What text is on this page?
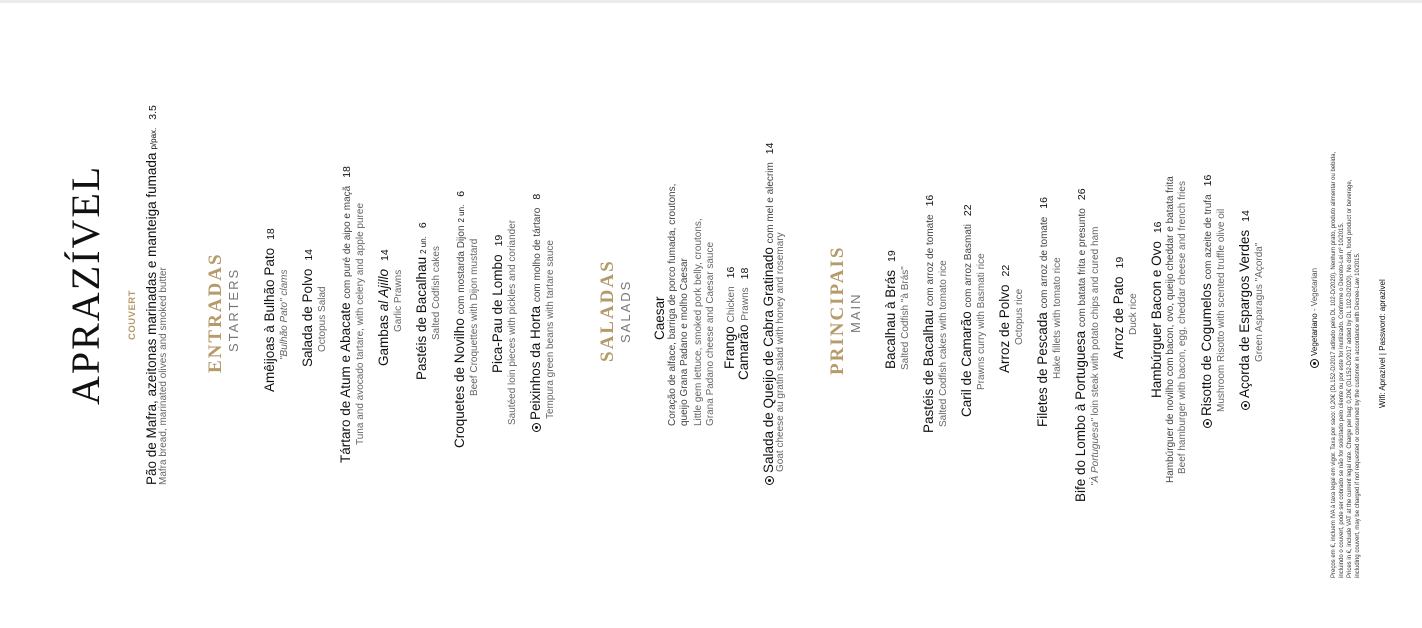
APRAZÍVEL COUVERT Pão de Mafra, azeitonas marinadas e manteiga fumadap/pax.3.5
Mafra bread, marinated olives and smoked butter ENTRADAS STARTERS Amêijoas à Bulhão Pato18
"Bulhão Pato" clams Salada de Polvo14
Octopus Salad Tártaro de Atum e Abacate com puré de aipo e maçã18
Tuna and avocado tartare, with celery and apple puree Gambas al Ajillo14
Garlic Prawns Pastéis de Bacalhau2 un.6
Salted Codfish cakes
Croquetes de Novilho com mostarda Dijon2 un.6
Beef Croquettes with Dijon mustard Pica-Pau de Lombo19 Sautéed loin pieces with pickles and coriander Peixinhos da Horta com molho de tártaro8
Tempura green beans with tartare sauce SALADAS SALADS Caesar Coração de alface, barriga de porco fumada, croutons, queijo Grana Padano e molho Caesar Little gem lettuce, smoked pork belly, croutons, Grana Padano cheese and Caesar sauce Frango Chicken16
Camarão Prawns18 Salada de Queijo de Cabra Gratinado com mel e alecrim14
Goat cheese au gratin salad with honey and rosemary PRINCIPAIS MAIN Bacalhau à Brás19
Salted Codfish "à Brás" Pastéis de Bacalhau com arroz de tomate16
Salted Codfish cakes with tomato rice Caril de Camarão com arroz Basmati22
Prawns curry with Basmati rice Arroz de Polvo22
Octopus rice Filetes de Pescada com arroz de tomate16
Hake fillets with tomato rice
Bife do Lombo à Portuguesa com batata frita e presunto26
"À Portuguesa" loin steak with potato chips and cured ham Arroz de Pato19
Duck rice Hambúrguer Bacon e Ovo16 Hambúrguer de novilho com bacon, ovo, queijo cheddar e batata frita Beef hamburger with bacon, egg, cheddar cheese and french fries Risotto de Cogumelos com azeite de trufa16
Mushroom Risotto with scented truffle olive oil Açorda de Espargos Verdes14
Green Asparagus "Açorda"	Vegetariano - Vegetarian Preços em €, incluem IVA à taxa legal em vigor. Taxa por saco: 0,20€ (DL152-D/2017 aditado pelo DL 102-D/2020). Nenhum prato, produto alimentar ou bebida, incluindo o couvert, pode ser cobrado se não for solicitado pelo cliente ou por este for inutilizado. Conforme o Decreto-Lei nº 10/2015. Prices in €, include VAT at the current legal rate. Charge per bag: 0,20€ (DL152-D/2017 added by DL 102-D/2020). No dish, food product or beverage, including couvert, may be charged if not requested or consumed by the customer in accordance with Decree-Law 10/2015. Wifi: Aprazível | Password: aprazivel
